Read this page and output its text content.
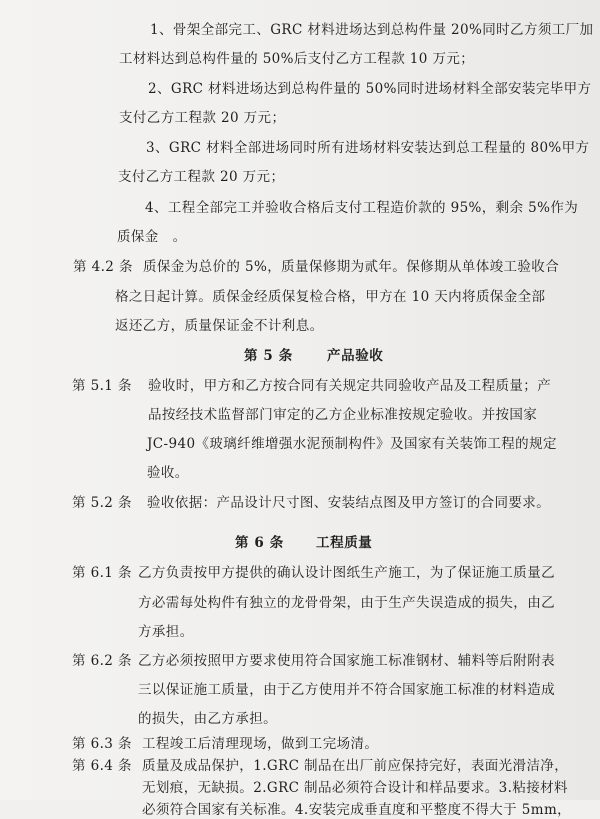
1、骨架全部完工、GRC 材料进场达到总构件量 20%同时乙方须工厂加
工材料达到总构件量的 50%后支付乙方工程款 10 万元；
2、GRC 材料进场达到总构件量的 50%同时进场材料全部安装完毕甲方
支付乙方工程款 20 万元；
3、GRC 材料全部进场同时所有进场材料安装达到总工程量的 80%甲方
支付乙方工程款 20 万元；
4、工程全部完工并验收合格后支付工程造价款的 95%，剩余 5%作为
质保金　。
第 4.2 条 质保金为总价的 5%，质量保修期为贰年。保修期从单体竣工验收合
格之日起计算。质保金经质保复检合格，甲方在 10 天内将质保金全部
返还乙方，质量保证金不计利息。
第 5 条	产品验收
第 5.1 条 验收时，甲方和乙方按合同有关规定共同验收产品及工程质量；产
品按经技术监督部门审定的乙方企业标准按规定验收。并按国家
JC-940《玻璃纤维增强水泥预制构件》及国家有关装饰工程的规定
验收。
第 5.2 条 验收依据：产品设计尺寸图、安装结点图及甲方签订的合同要求。
第 6 条 工程质量
第 6.1 条 乙方负责按甲方提供的确认设计图纸生产施工，为了保证施工质量乙
方必需每处构件有独立的龙骨骨架，由于生产失误造成的损失，由乙
方承担。
第 6.2 条 乙方必须按照甲方要求使用符合国家施工标准钢材、辅料等后附附表
三以保证施工质量，由于乙方使用并不符合国家施工标准的材料造成
的损失，由乙方承担。
第 6.3 条 工程竣工后清理现场，做到工完场清。
第 6.4 条 质量及成品保护，1.GRC 制品在出厂前应保持完好，表面光滑洁净，
无划痕，无缺损。2.GRC 制品必须符合设计和样品要求。3.粘接材料
必须符合国家有关标准。4.安装完成垂直度和平整度不得大于 5mm，
